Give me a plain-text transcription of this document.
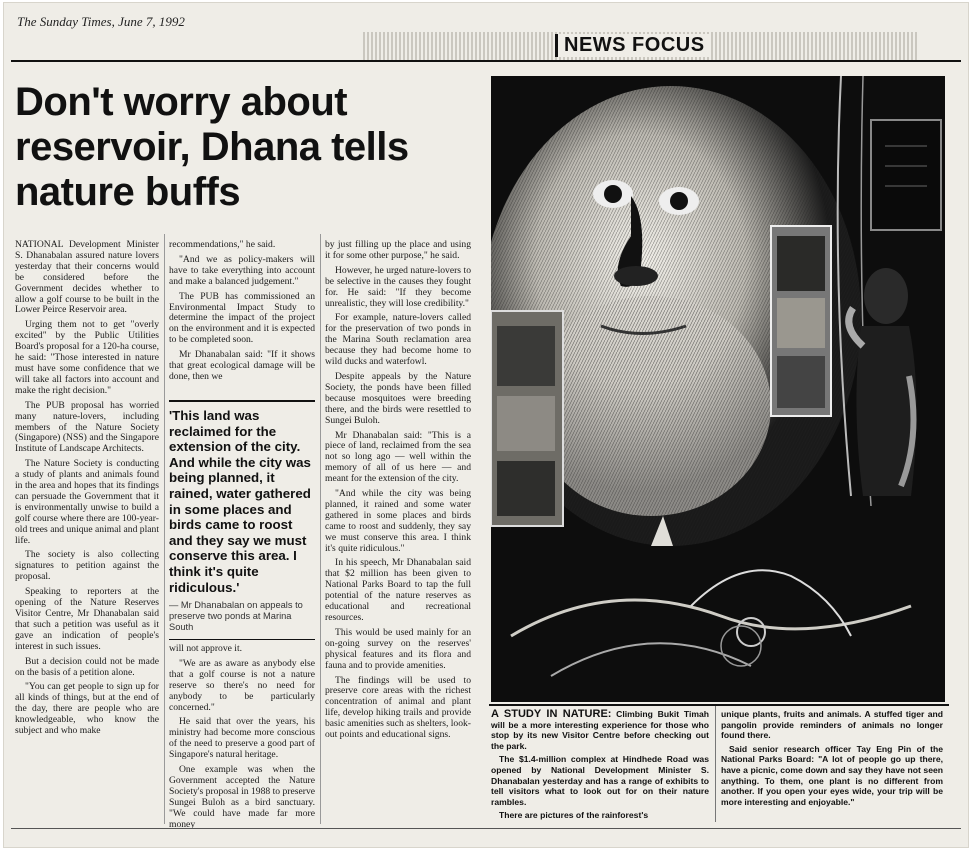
The Sunday Times, June 7, 1992
NEWS FOCUS
Don't worry about reservoir, Dhana tells nature buffs

NATIONAL Development Minister S. Dhanabalan assured nature lovers yesterday that their concerns would be considered before the Government decides whether to allow a golf course to be built in the Lower Peirce Reservoir area.

Urging them not to get "overly excited" by the Public Utilities Board's proposal for a 120-ha course, he said: "Those interested in nature must have some confidence that we will take all factors into account and make the right decision."

The PUB proposal has worried many nature-lovers, including members of the Nature Society (Singapore) (NSS) and the Singapore Institute of Landscape Architects.

The Nature Society is conducting a study of plants and animals found in the area and hopes that its findings can persuade the Government that it is environmentally unwise to build a golf course where there are 100-year-old trees and unique animal and plant life.

The society is also collecting signatures to petition against the proposal.

Speaking to reporters at the opening of the Nature Reserves Visitor Centre, Mr Dhanabalan said that such a petition was useful as it gave an indication of people's interest in such issues.

But a decision could not be made on the basis of a petition alone.

"You can get people to sign up for all kinds of things, but at the end of the day, there are people who are knowledgeable, who know the subject and who make

recommendations," he said.

"And we as policy-makers will have to take everything into account and make a balanced judgement."

The PUB has commissioned an Environmental Impact Study to determine the impact of the project on the environment and it is expected to be completed soon.

Mr Dhanabalan said: "If it shows that great ecological damage will be done, then we

'This land was reclaimed for the extension of the city. And while the city was being planned, it rained, water gathered in some places and birds came to roost and they say we must conserve this area. I think it's quite ridiculous.'
— Mr Dhanabalan on appeals to preserve two ponds at Marina South

will not approve it.

"We are as aware as anybody else that a golf course is not a nature reserve so there's no need for anybody to be particularly concerned."

He said that over the years, his ministry had become more conscious of the need to preserve a good part of Singapore's natural heritage.

One example was when the Government accepted the Nature Society's proposal in 1988 to preserve Sungei Buloh as a bird sanctuary. "We could have made far more money

by just filling up the place and using it for some other purpose," he said.

However, he urged nature-lovers to be selective in the causes they fought for. He said: "If they become unrealistic, they will lose credibility."

For example, nature-lovers called for the preservation of two ponds in the Marina South reclamation area because they had become home to wild ducks and waterfowl.

Despite appeals by the Nature Society, the ponds have been filled because mosquitoes were breeding there, and the birds were resettled to Sungei Buloh.

Mr Dhanabalan said: "This is a piece of land, reclaimed from the sea not so long ago — well within the memory of all of us here — and meant for the extension of the city.

"And while the city was being planned, it rained and some water gathered in some places and birds came to roost and suddenly, they say we must conserve this area. I think it's quite ridiculous."

In his speech, Mr Dhanabalan said that $2 million has been given to National Parks Board to tap the full potential of the nature reserves as educational and recreational resources.

This would be used mainly for an on-going survey on the reserves' physical features and its flora and fauna and to provide amenities.

The findings will be used to preserve core areas with the richest concentration of animal and plant life, develop hiking trails and provide basic amenities such as shelters, look-out points and educational signs.

A STUDY IN NATURE: Climbing Bukit Timah will be a more interesting experience for those who stop by its new Visitor Centre before checking out the park.

The $1.4-million complex at Hindhede Road was opened by National Development Minister S. Dhanabalan yesterday and has a range of exhibits to tell visitors what to look out for on their nature rambles.

There are pictures of the rainforest's

unique plants, fruits and animals. A stuffed tiger and pangolin provide reminders of animals no longer found there.

Said senior research officer Tay Eng Pin of the National Parks Board: "A lot of people go up there, have a picnic, come down and say they have not seen anything. To them, one plant is no different from another. If you open your eyes wide, your trip will be more interesting and enjoyable."
